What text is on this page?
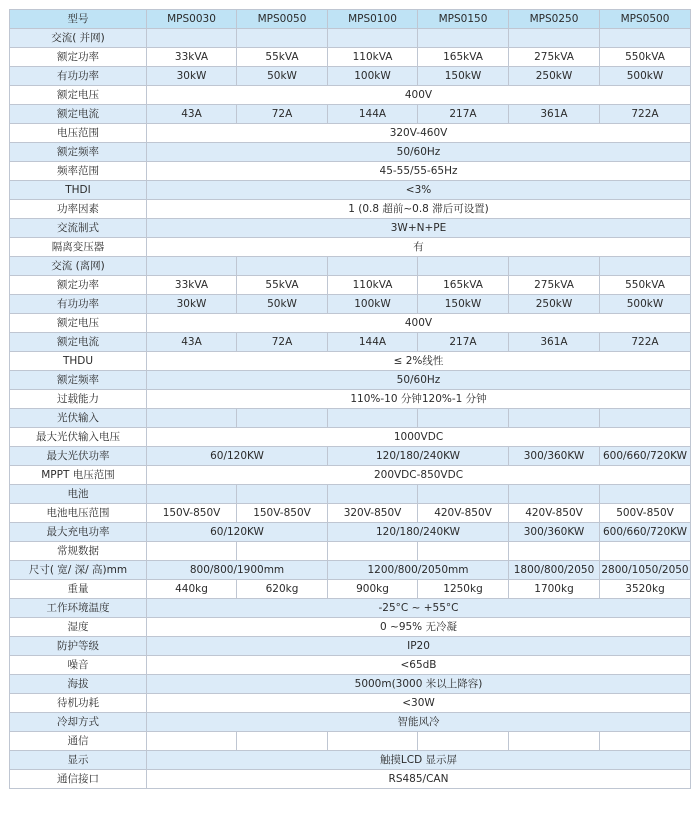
型号	MPS0030	MPS0050	MPS0100	MPS0150	MPS0250	MPS0500
交流( 并网)						
额定功率	33kVA	55kVA	110kVA	165kVA	275kVA	550kVA
有功功率	30kW	50kW	100kW	150kW	250kW	500kW
额定电压	400V					
额定电流	43A	72A	144A	217A	361A	722A
电压范围	320V-460V					
额定频率	50/60Hz					
频率范围	45-55/55-65Hz					
THDI	<3%					
功率因素	1 (0.8 超前~0.8 滞后可设置)					
交流制式	3W+N+PE					
隔离变压器	有					
交流 (离网)						
额定功率	33kVA	55kVA	110kVA	165kVA	275kVA	550kVA
有功功率	30kW	50kW	100kW	150kW	250kW	500kW
额定电压	400V					
额定电流	43A	72A	144A	217A	361A	722A
THDU	≤ 2%线性					
额定频率	50/60Hz					
过载能力	110%-10 分钟120%-1 分钟					
光伏输入						
最大光伏输入电压	1000VDC					
最大光伏功率	60/120KW		120/180/240KW		300/360KW	600/660/720KW
MPPT 电压范围	200VDC-850VDC					
电池						
电池电压范围	150V-850V	150V-850V	320V-850V	420V-850V	420V-850V	500V-850V
最大充电功率	60/120KW		120/180/240KW		300/360KW	600/660/720KW
常规数据						
尺寸( 宽/ 深/ 高)mm	800/800/1900mm		1200/800/2050mm		1800/800/2050	2800/1050/2050
重量	440kg	620kg	900kg	1250kg	1700kg	3520kg
工作环境温度	-25°C ~ +55°C					
湿度	0 ~95% 无冷凝					
防护等级	IP20					
噪音	<65dB					
海拔	5000m(3000 米以上降容)					
待机功耗	<30W					
冷却方式	智能风冷					
通信						
显示	触摸LCD 显示屏					
通信接口	RS485/CAN					
